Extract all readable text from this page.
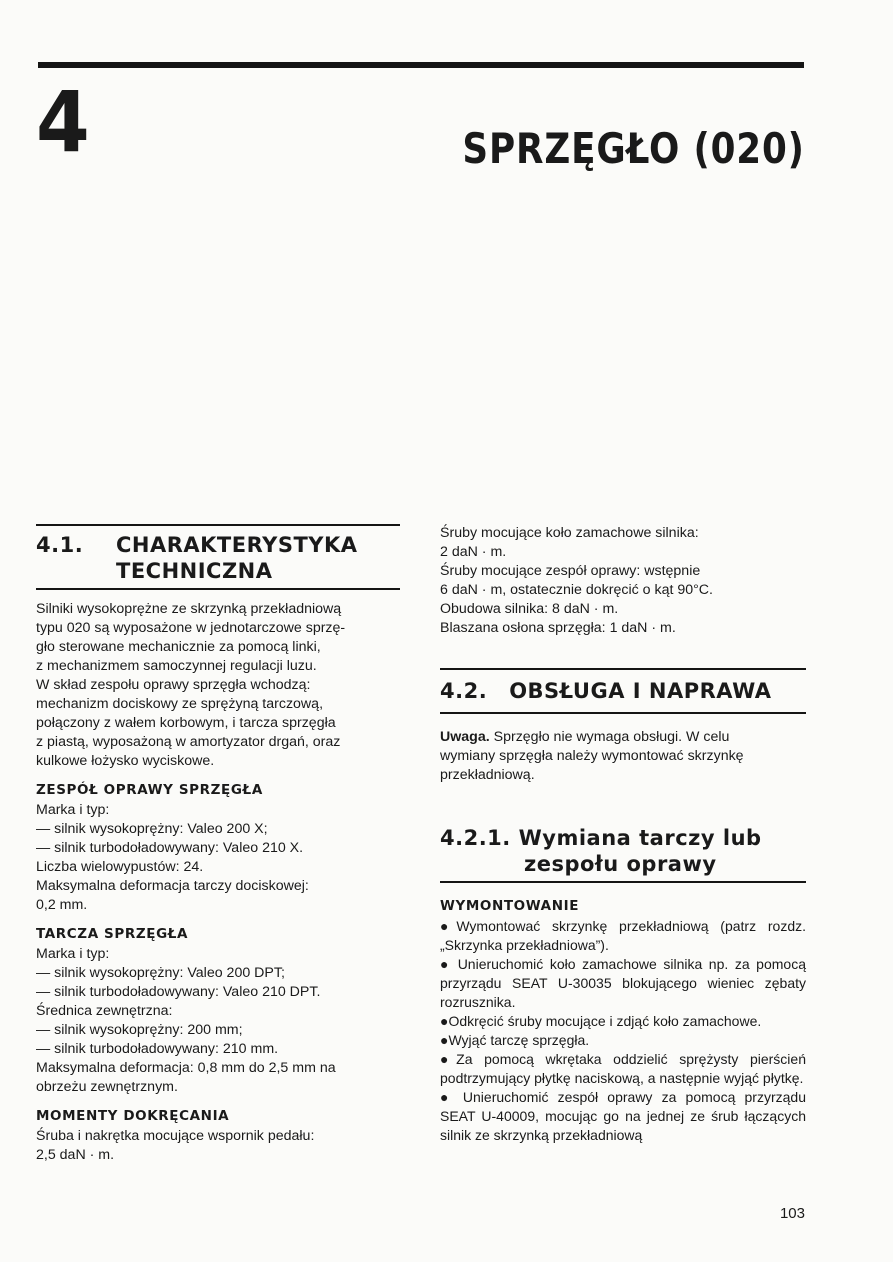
4	SPRZĘGŁO (020)
4.1. CHARAKTERYSTYKA
TECHNICZNA
Silniki wysokoprężne ze skrzynką przekładniową
typu 020 są wyposażone w jednotarczowe sprzę-
gło sterowane mechanicznie za pomocą linki,
z mechanizmem samoczynnej regulacji luzu.
W skład zespołu oprawy sprzęgła wchodzą:
mechanizm dociskowy ze sprężyną tarczową,
połączony z wałem korbowym, i tarcza sprzęgła
z piastą, wyposażoną w amortyzator drgań, oraz
kulkowe łożysko wyciskowe.
ZESPÓŁ OPRAWY SPRZĘGŁA
Marka i typ:
— silnik wysokoprężny: Valeo 200 X;
— silnik turbodoładowywany: Valeo 210 X.
Liczba wielowypustów: 24.
Maksymalna deformacja tarczy dociskowej:
0,2 mm.
TARCZA SPRZĘGŁA
Marka i typ:
— silnik wysokoprężny: Valeo 200 DPT;
— silnik turbodoładowywany: Valeo 210 DPT.
Średnica zewnętrzna:
— silnik wysokoprężny: 200 mm;
— silnik turbodoładowywany: 210 mm.
Maksymalna deformacja: 0,8 mm do 2,5 mm na
obrzeżu zewnętrznym.
MOMENTY DOKRĘCANIA
Śruba i nakrętka mocujące wspornik pedału:
2,5 daN · m.
Śruby mocujące koło zamachowe silnika:
2 daN · m.
Śruby mocujące zespół oprawy: wstępnie
6 daN · m, ostatecznie dokręcić o kąt 90°C.
Obudowa silnika: 8 daN · m.
Blaszana osłona sprzęgła: 1 daN · m.
4.2. OBSŁUGA I NAPRAWA
Uwaga. Sprzęgło nie wymaga obsługi. W celu
wymiany sprzęgła należy wymontować skrzynkę
przekładniową.
4.2.1. Wymiana tarczy lub
zespołu oprawy
WYMONTOWANIE

●Wymontować skrzynkę przekładniową (patrz rozdz. „Skrzynka przekładniowa”).

● Unieruchomić koło zamachowe silnika np. za pomocą przyrządu SEAT U-30035 blokującego wieniec zębaty rozrusznika.

●Odkręcić śruby mocujące i zdjąć koło zamachowe.

●Wyjąć tarczę sprzęgła.

●Za pomocą wkrętaka oddzielić sprężysty pierścień podtrzymujący płytkę naciskową, a następnie wyjąć płytkę.

● Unieruchomić zespół oprawy za pomocą przyrządu SEAT U-40009, mocując go na jednej ze śrub łączących silnik ze skrzynką przekładniową

103
